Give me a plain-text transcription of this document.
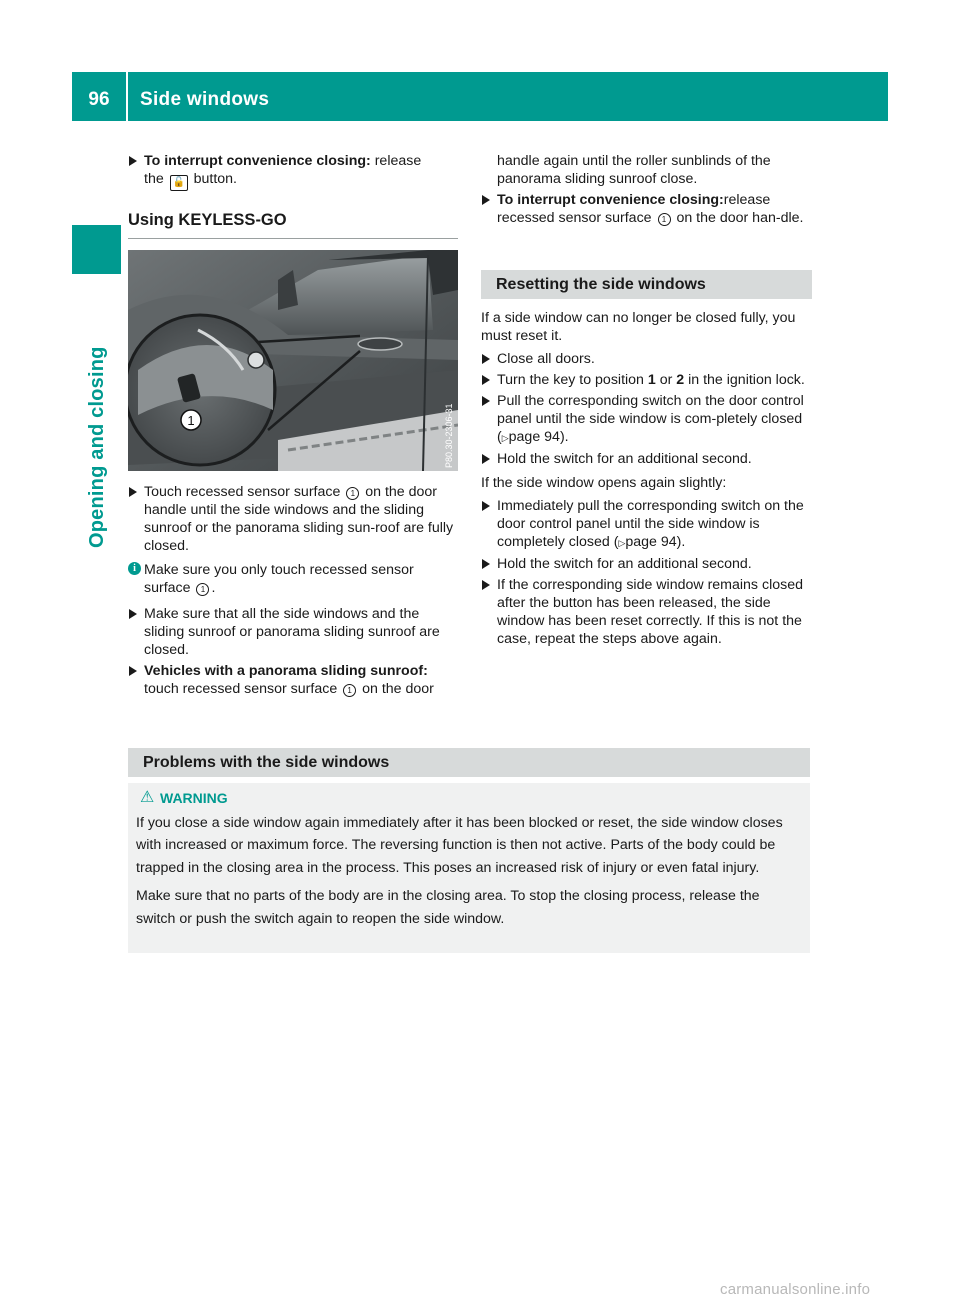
96	Side windows
Opening and closing
To interrupt convenience closing: release
the 🔓 button.
Using KEYLESS-GO
1	P80.30-2306-31
Touch recessed sensor surface 1 on the door handle until the side windows and the sliding sunroof or the panorama sliding sun-roof are fully closed.
i Make sure you only touch recessed sensor surface 1 .
Make sure that all the side windows and the sliding sunroof or panorama sliding sunroof are closed.
Vehicles with a panorama sliding sunroof: touch recessed sensor surface 1 on the door

handle again until the roller sunblinds of the panorama sliding sunroof close.

To interrupt convenience closing:release recessed sensor surface 1 on the door han-dle.
Resetting the side windows

If a side window can no longer be closed fully, you must reset it.

Close all doors.
Turn the key to position 1 or 2 in the ignition lock.
Pull the corresponding switch on the door control panel until the side window is com-pletely closed (▷page 94).
Hold the switch for an additional second.

If the side window opens again slightly:

Immediately pull the corresponding switch on the door control panel until the side window is completely closed (▷page 94).
Hold the switch for an additional second.
If the corresponding side window remains closed after the button has been released, the side window has been reset correctly. If this is not the case, repeat the steps above again.
Problems with the side windows
⚠ WARNING

If you close a side window again immediately after it has been blocked or reset, the side window closes with increased or maximum force. The reversing function is then not active. Parts of the body could be trapped in the closing area in the process. This poses an increased risk of injury or even fatal injury.

Make sure that no parts of the body are in the closing area. To stop the closing process, release the switch or push the switch again to reopen the side window.

carmanualsonline.info
